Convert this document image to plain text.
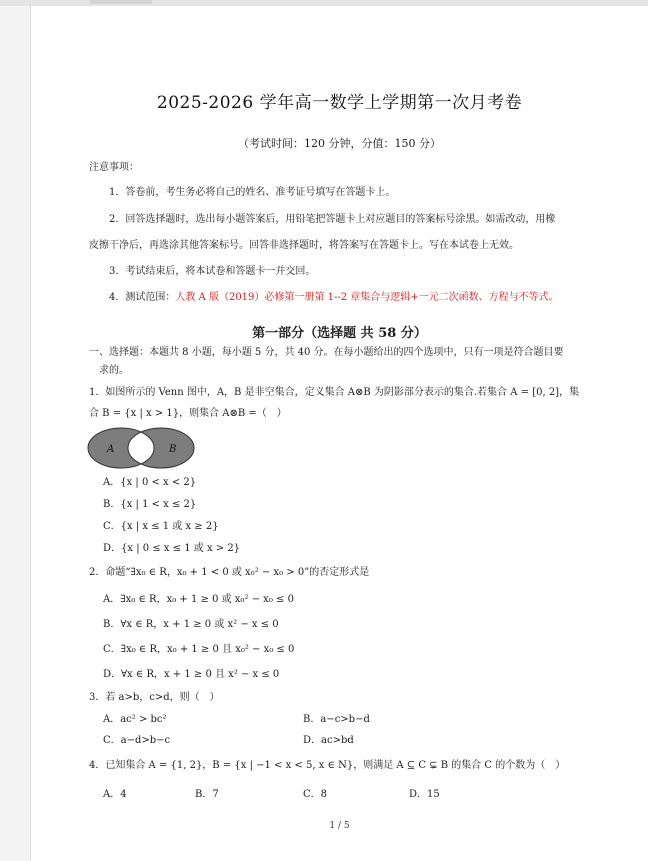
2025-2026 学年高一数学上学期第一次月考卷
（考试时间：120 分钟，分值：150 分）
注意事项：
1．答卷前，考生务必将自己的姓名、准考证号填写在答题卡上。
2．回答选择题时，选出每小题答案后，用铅笔把答题卡上对应题目的答案标号涂黑。如需改动，用橡
皮擦干净后，再选涂其他答案标号。回答非选择题时，将答案写在答题卡上。写在本试卷上无效。
3．考试结束后，将本试卷和答题卡一并交回。
4．测试范围：人教 A 版（2019）必修第一册第 1--2 章集合与逻辑+一元二次函数、方程与不等式。
第一部分（选择题 共 58 分）
一、选择题：本题共 8 小题，每小题 5 分，共 40 分。在每小题给出的四个选项中，只有一项是符合题目要
求的。
1．如图所示的 Venn 图中，A，B 是非空集合，定义集合 A⊗B 为阴影部分表示的集合.若集合 A = [0, 2]，集
合 B = {x | x > 1}，则集合 A⊗B =（　）
A	B
A．{x | 0 < x < 2}
B．{x | 1 < x ≤ 2}
C．{x | x ≤ 1 或 x ≥ 2}
D．{x | 0 ≤ x ≤ 1 或 x > 2}
2．命题“∃x₀ ∈ R，x₀ + 1 < 0 或 x₀² − x₀ > 0”的否定形式是
A．∃x₀ ∈ R，x₀ + 1 ≥ 0 或 x₀² − x₀ ≤ 0
B．∀x ∈ R，x + 1 ≥ 0 或 x² − x ≤ 0
C．∃x₀ ∈ R，x₀ + 1 ≥ 0 且 x₀² − x₀ ≤ 0
D．∀x ∈ R，x + 1 ≥ 0 且 x² − x ≤ 0
3．若 a>b，c>d，则（　）
A．ac² > bc²	B．a−c>b−d
C．a−d>b−c	D．ac>bd
4．已知集合 A = {1, 2}，B = {x | −1 < x < 5, x ∈ N}，则满足 A ⊆ C ⊊ B 的集合 C 的个数为（　）
A．4	B．7	C．8	D．15
1 / 5
